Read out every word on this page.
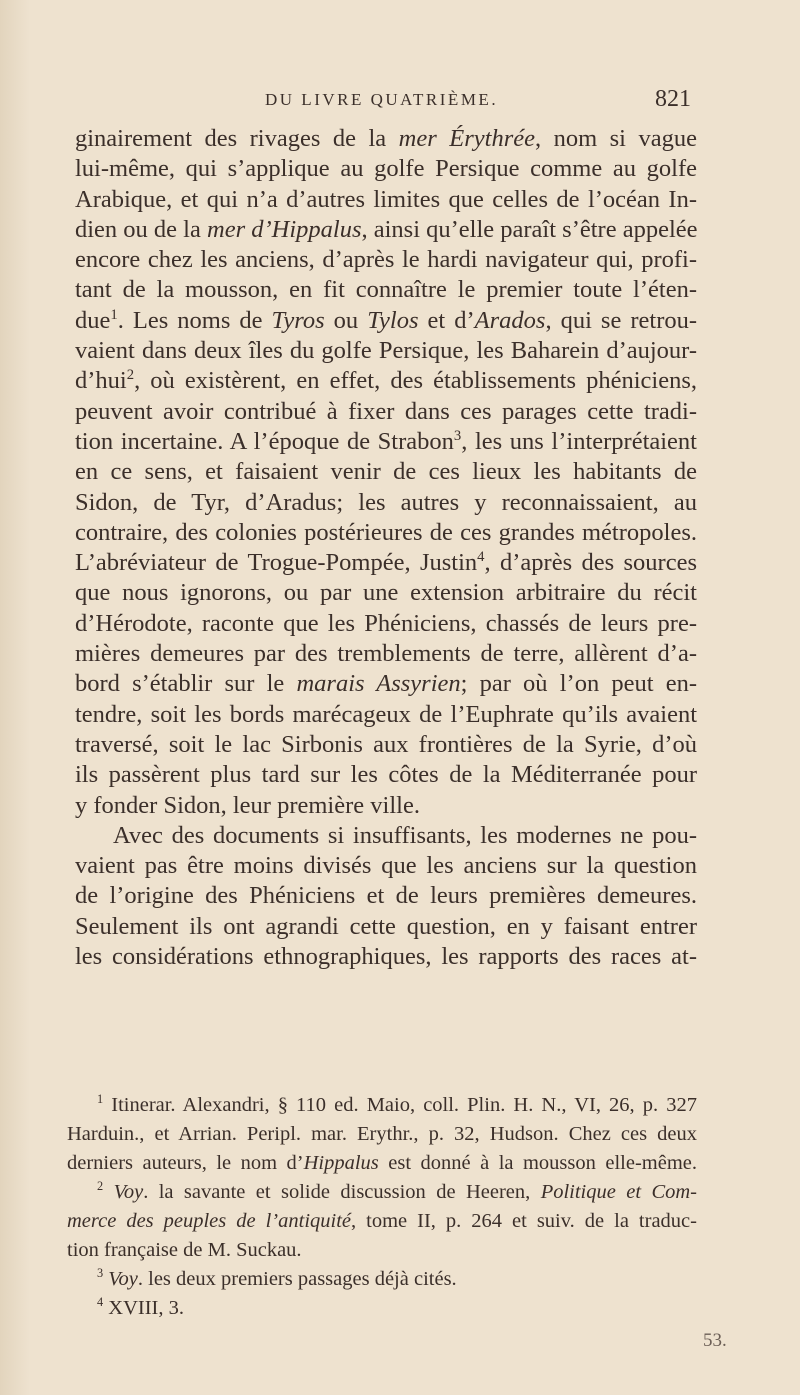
DU LIVRE QUATRIÈME.	821
ginairement des rivages de la mer Érythrée, nom si vague
lui-même, qui s’applique au golfe Persique comme au golfe
Arabique, et qui n’a d’autres limites que celles de l’océan In-
dien ou de la mer d’Hippalus, ainsi qu’elle paraît s’être appelée
encore chez les anciens, d’après le hardi navigateur qui, profi-
tant de la mousson, en fit connaître le premier toute l’éten-
due$^1$. Les noms de Tyros ou Tylos et d’Arados, qui se retrou-
vaient dans deux îles du golfe Persique, les Baharein d’aujour-
d’hui$^2$, où existèrent, en effet, des établissements phéniciens,
peuvent avoir contribué à fixer dans ces parages cette tradi-
tion incertaine. A l’époque de Strabon$^3$, les uns l’interprétaient
en ce sens, et faisaient venir de ces lieux les habitants de
Sidon, de Tyr, d’Aradus; les autres y reconnaissaient, au
contraire, des colonies postérieures de ces grandes métropoles.
L’abréviateur de Trogue-Pompée, Justin$^4$, d’après des sources
que nous ignorons, ou par une extension arbitraire du récit
d’Hérodote, raconte que les Phéniciens, chassés de leurs pre-
mières demeures par des tremblements de terre, allèrent d’a-
bord s’établir sur le marais Assyrien; par où l’on peut en-
tendre, soit les bords marécageux de l’Euphrate qu’ils avaient
traversé, soit le lac Sirbonis aux frontières de la Syrie, d’où
ils passèrent plus tard sur les côtes de la Méditerranée pour
y fonder Sidon, leur première ville.
Avec des documents si insuffisants, les modernes ne pou-
vaient pas être moins divisés que les anciens sur la question
de l’origine des Phéniciens et de leurs premières demeures.
Seulement ils ont agrandi cette question, en y faisant entrer
les considérations ethnographiques, les rapports des races at-
$^1$ Itinerar. Alexandri, § 110 ed. Maio, coll. Plin. H. N., VI, 26, p. 327
Harduin., et Arrian. Peripl. mar. Erythr., p. 32, Hudson. Chez ces deux
derniers auteurs, le nom d’Hippalus est donné à la mousson elle-même.
$^2$ Voy. la savante et solide discussion de Heeren, Politique et Com-
merce des peuples de l’antiquité, tome II, p. 264 et suiv. de la traduc-
tion française de M. Suckau.
$^3$ Voy. les deux premiers passages déjà cités.
$^4$ XVIII, 3.
53.
